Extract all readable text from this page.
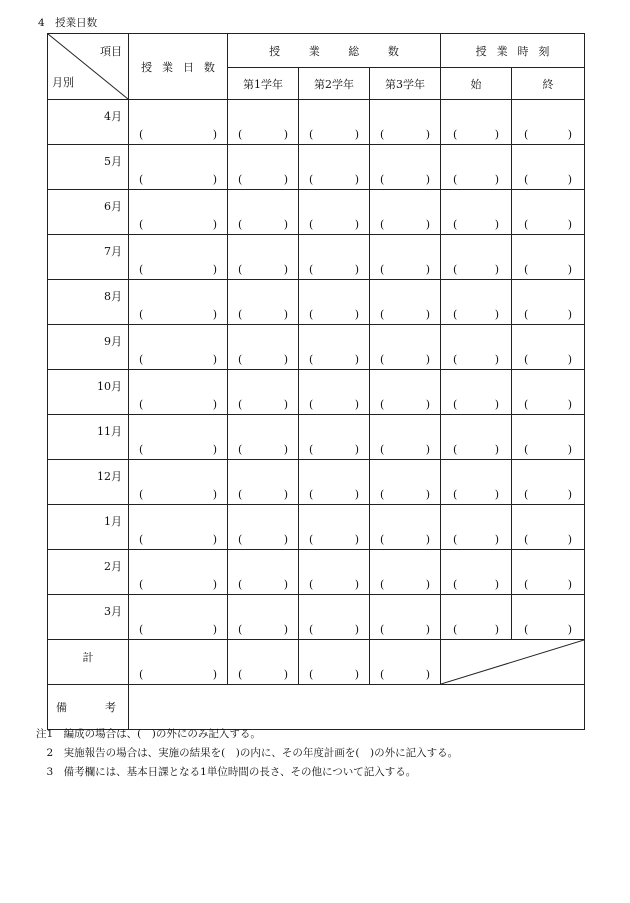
4　授業日数
項目
月別	授業日数	授業総数			授業時刻	
		第1学年	第2学年	第3学年	始	終

4月	( )	( )	( )	( )	( )	( )

5月	( )	( )	( )	( )	( )	( )

6月	( )	( )	( )	( )	( )	( )

7月	( )	( )	( )	( )	( )	( )

8月	( )	( )	( )	( )	( )	( )

9月	( )	( )	( )	( )	( )	( )

10月	( )	( )	( )	( )	( )	( )

11月	( )	( )	( )	( )	( )	( )

12月	( )	( )	( )	( )	( )	( )

1月	( )	( )	( )	( )	( )	( )

2月	( )	( )	( )	( )	( )	( )

3月	( )	( )	( )	( )	( )	( )

計	( )	( )	( )	( )

備 考						

注1　編成の場合は、(　)の外にのみ記入する。
　2　実施報告の場合は、実施の結果を(　)の内に、その年度計画を(　)の外に記入する。
　3　備考欄には、基本日課となる1単位時間の長さ、その他について記入する。
